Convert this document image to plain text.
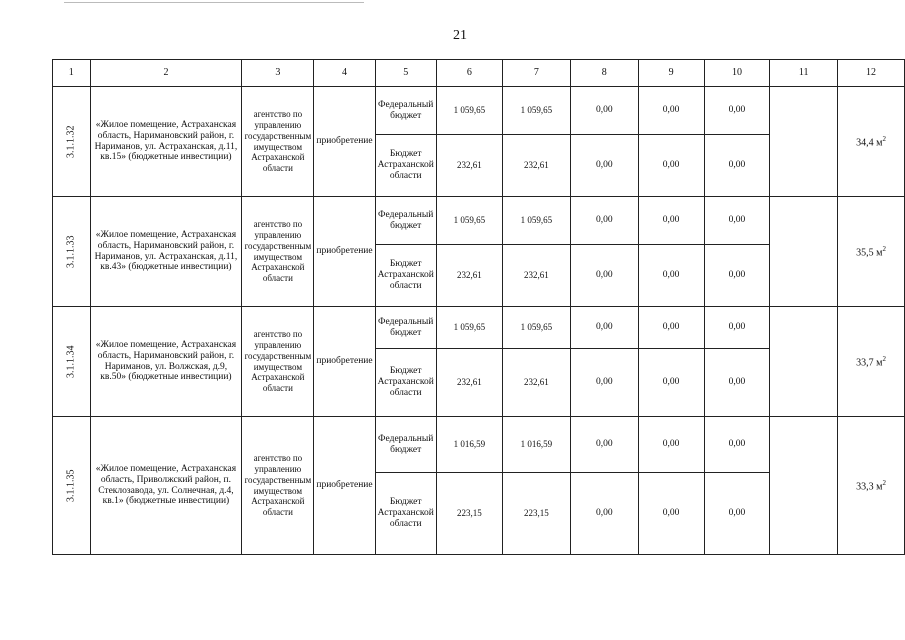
21
1	2	3	4	5	6	7	8	9	10	11	12
3.1.1.32	«Жилое помещение, Астраханская область, Наримановский район, г. Нариманов, ул. Астраханская, д.11, кв.15» (бюджетные инвестиции)	агентство по управлению государственным имуществом Астраханской области	приобретение	Федеральный бюджет	1 059,65	1 059,65	0,00	0,00	0,00		34,4 $м^2$
				Бюджет Астраханской области	232,61	232,61	0,00	0,00	0,00		
3.1.1.33	«Жилое помещение, Астраханская область, Наримановский район, г. Нариманов, ул. Астраханская, д.11, кв.43» (бюджетные инвестиции)	агентство по управлению государственным имуществом Астраханской области	приобретение	Федеральный бюджет	1 059,65	1 059,65	0,00	0,00	0,00		35,5 $м^2$
				Бюджет Астраханской области	232,61	232,61	0,00	0,00	0,00		
3.1.1.34	«Жилое помещение, Астраханская область, Наримановский район, г. Нариманов, ул. Волжская, д.9, кв.50» (бюджетные инвестиции)	агентство по управлению государственным имуществом Астраханской области	приобретение	Федеральный бюджет	1 059,65	1 059,65	0,00	0,00	0,00		33,7 $м^2$
				Бюджет Астраханской области	232,61	232,61	0,00	0,00	0,00		
3.1.1.35	«Жилое помещение, Астраханская область, Приволжский район, п. Стеклозавода, ул. Солнечная, д.4, кв.1» (бюджетные инвестиции)	агентство по управлению государственным имуществом Астраханской области	приобретение	Федеральный бюджет	1 016,59	1 016,59	0,00	0,00	0,00		33,3 $м^2$
				Бюджет Астраханской области	223,15	223,15	0,00	0,00	0,00		
